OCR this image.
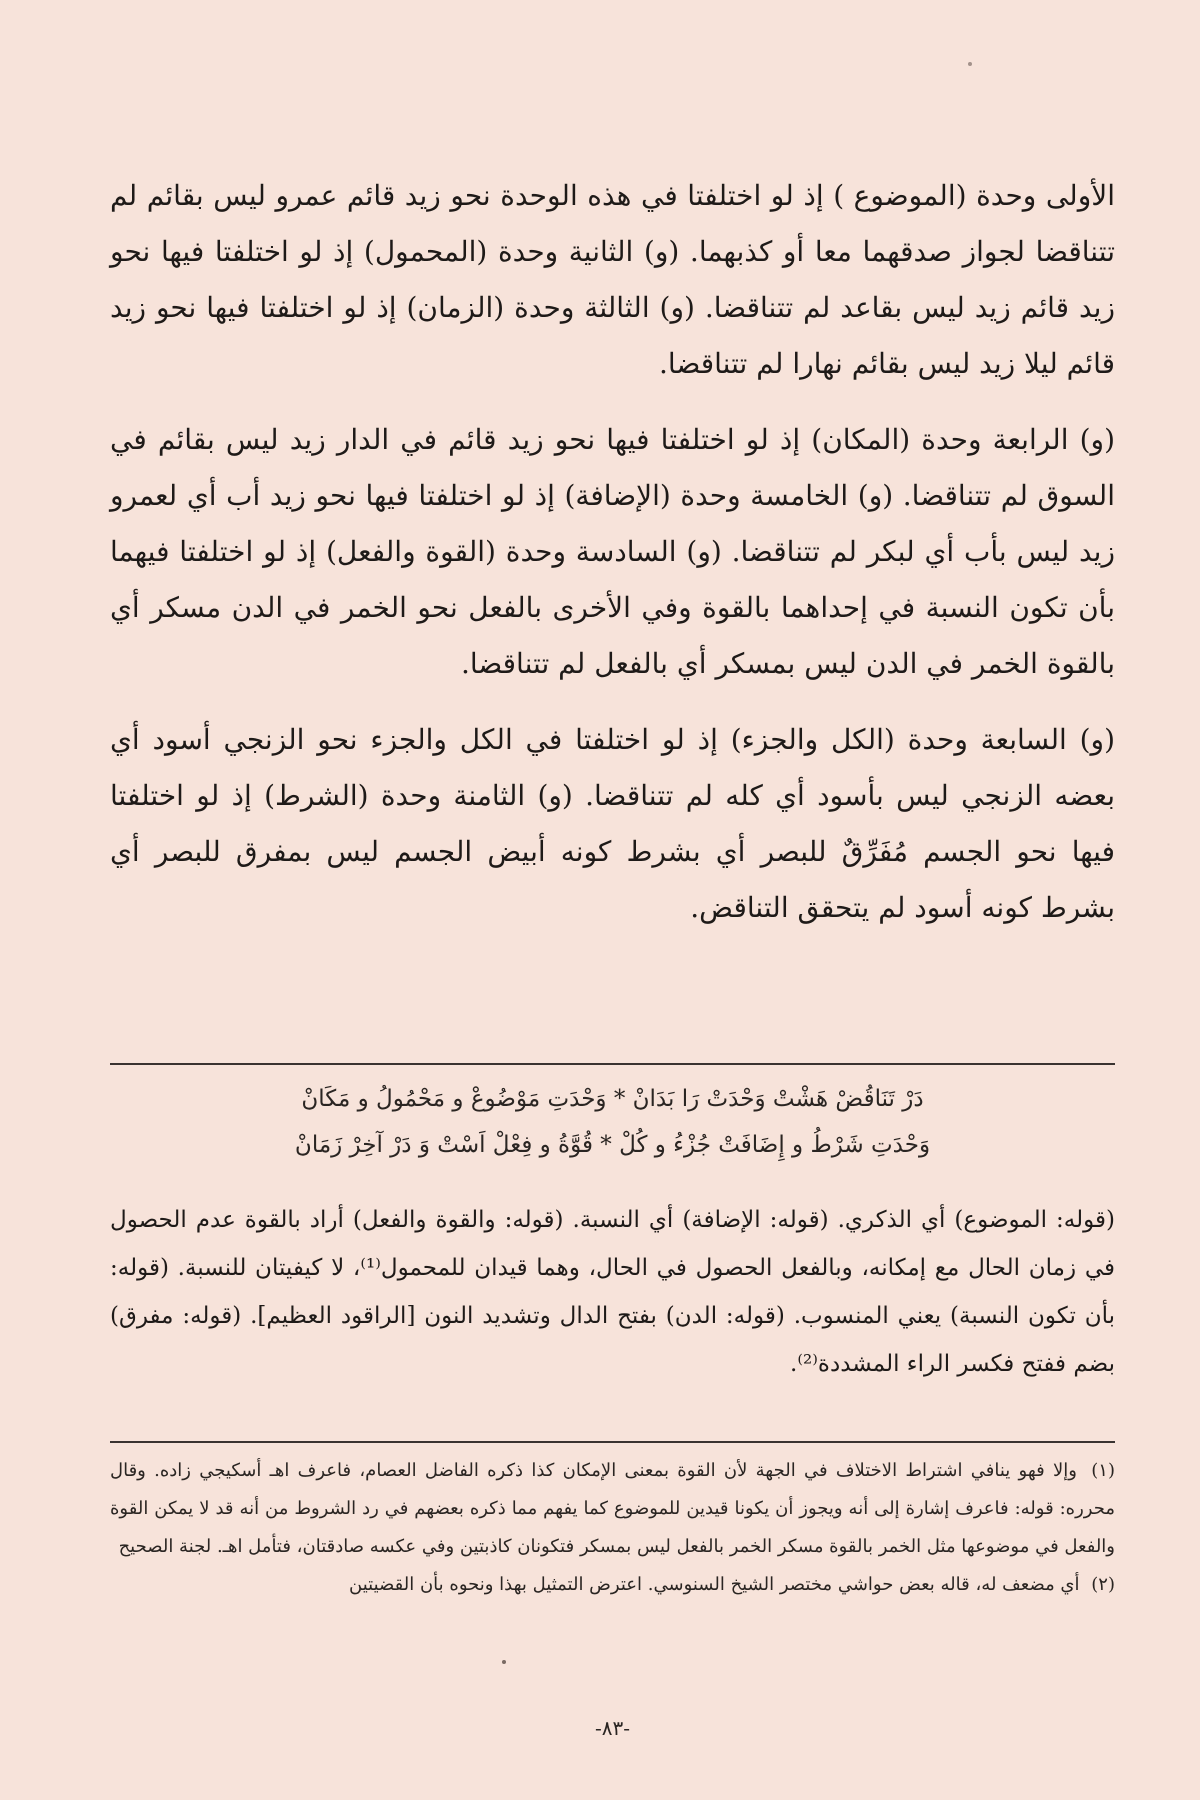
الأولى وحدة (الموضوع ) إذ لو اختلفتا في هذه الوحدة نحو زيد قائم عمرو ليس بقائم لم تتناقضا لجواز صدقهما معا أو كذبهما. (و) الثانية وحدة (المحمول) إذ لو اختلفتا فيها نحو زيد قائم زيد ليس بقاعد لم تتناقضا. (و) الثالثة وحدة (الزمان) إذ لو اختلفتا فيها نحو زيد قائم ليلا زيد ليس بقائم نهارا لم تتناقضا.

(و) الرابعة وحدة (المكان) إذ لو اختلفتا فيها نحو زيد قائم في الدار زيد ليس بقائم في السوق لم تتناقضا. (و) الخامسة وحدة (الإضافة) إذ لو اختلفتا فيها نحو زيد أب أي لعمرو زيد ليس بأب أي لبكر لم تتناقضا. (و) السادسة وحدة (القوة والفعل) إذ لو اختلفتا فيهما بأن تكون النسبة في إحداهما بالقوة وفي الأخرى بالفعل نحو الخمر في الدن مسكر أي بالقوة الخمر في الدن ليس بمسكر أي بالفعل لم تتناقضا.

(و) السابعة وحدة (الكل والجزء) إذ لو اختلفتا في الكل والجزء نحو الزنجي أسود أي بعضه الزنجي ليس بأسود أي كله لم تتناقضا. (و) الثامنة وحدة (الشرط) إذ لو اختلفتا فيها نحو الجسم مُفَرِّقٌ للبصر أي بشرط كونه أبيض الجسم ليس بمفرق للبصر أي بشرط كونه أسود لم يتحقق التناقض.

دَرْ تَنَاقُضْ هَشْتْ وَحْدَتْ رَا بَدَانْ * وَحْدَتِ مَوْضُوعْ و مَحْمُولُ و مَكَانْ
وَحْدَتِ شَرْطُ و إِضَافَتْ جُزْءُ و كُلْ * قُوَّةُ و فِعْلْ اَسْتْ وَ دَرْ آخِرْ زَمَانْ
(قوله: الموضوع) أي الذكري. (قوله: الإضافة) أي النسبة. (قوله: والقوة والفعل) أراد بالقوة عدم الحصول في زمان الحال مع إمكانه، وبالفعل الحصول في الحال، وهما قيدان للمحمول⁽¹⁾، لا كيفيتان للنسبة. (قوله: بأن تكون النسبة) يعني المنسوب. (قوله: الدن) بفتح الدال وتشديد النون [الراقود العظيم]. (قوله: مفرق) بضم ففتح فكسر الراء المشددة⁽²⁾.

(١) وإلا فهو ينافي اشتراط الاختلاف في الجهة لأن القوة بمعنى الإمكان كذا ذكره الفاضل العصام، فاعرف اهـ أسكيجي زاده. وقال محرره: قوله: فاعرف إشارة إلى أنه ويجوز أن يكونا قيدين للموضوع كما يفهم مما ذكره بعضهم في رد الشروط من أنه قد لا يمكن القوة والفعل في موضوعها مثل الخمر بالقوة مسكر الخمر بالفعل ليس بمسكر فتكونان كاذبتين وفي عكسه صادقتان، فتأمل اهـ. لجنة الصحيح

(٢) أي مضعف له، قاله بعض حواشي مختصر الشيخ السنوسي. اعترض التمثيل بهذا ونحوه بأن القضيتين

-٨٣-
